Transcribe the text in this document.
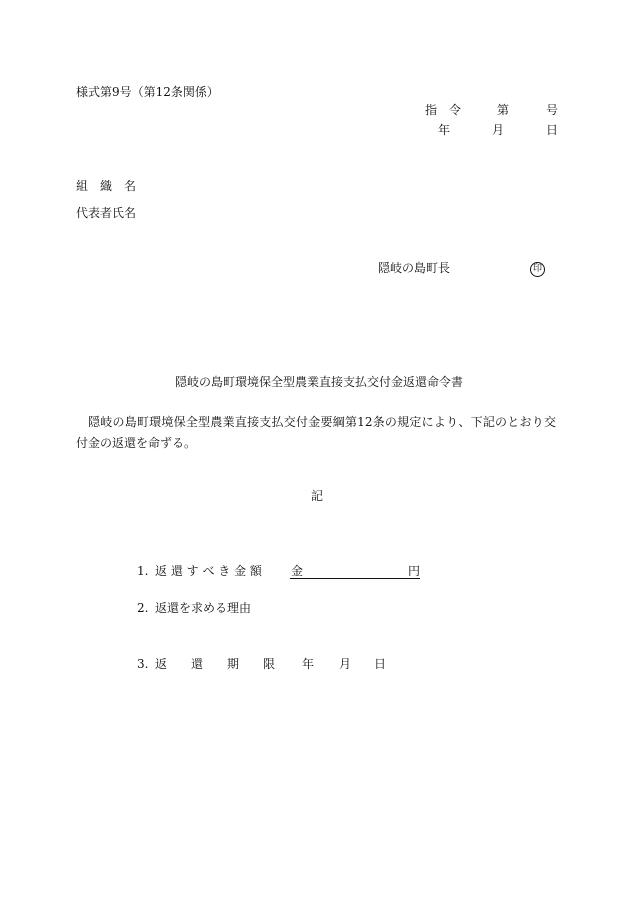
様式第9号（第12条関係）
指　令	第	号
年	月	日
組　織　名
代表者氏名
隠岐の島町長	印
隠岐の島町環境保全型農業直接支払交付金返還命令書
隠岐の島町環境保全型農業直接支払交付金要綱第12条の規定により、下記のとおり交付金の返還を命ずる。
記
1. 返 還 す べ き 金 額 金	円
2. 返還を求める理由
3. 返　　還　　期　　限 年 月 日
